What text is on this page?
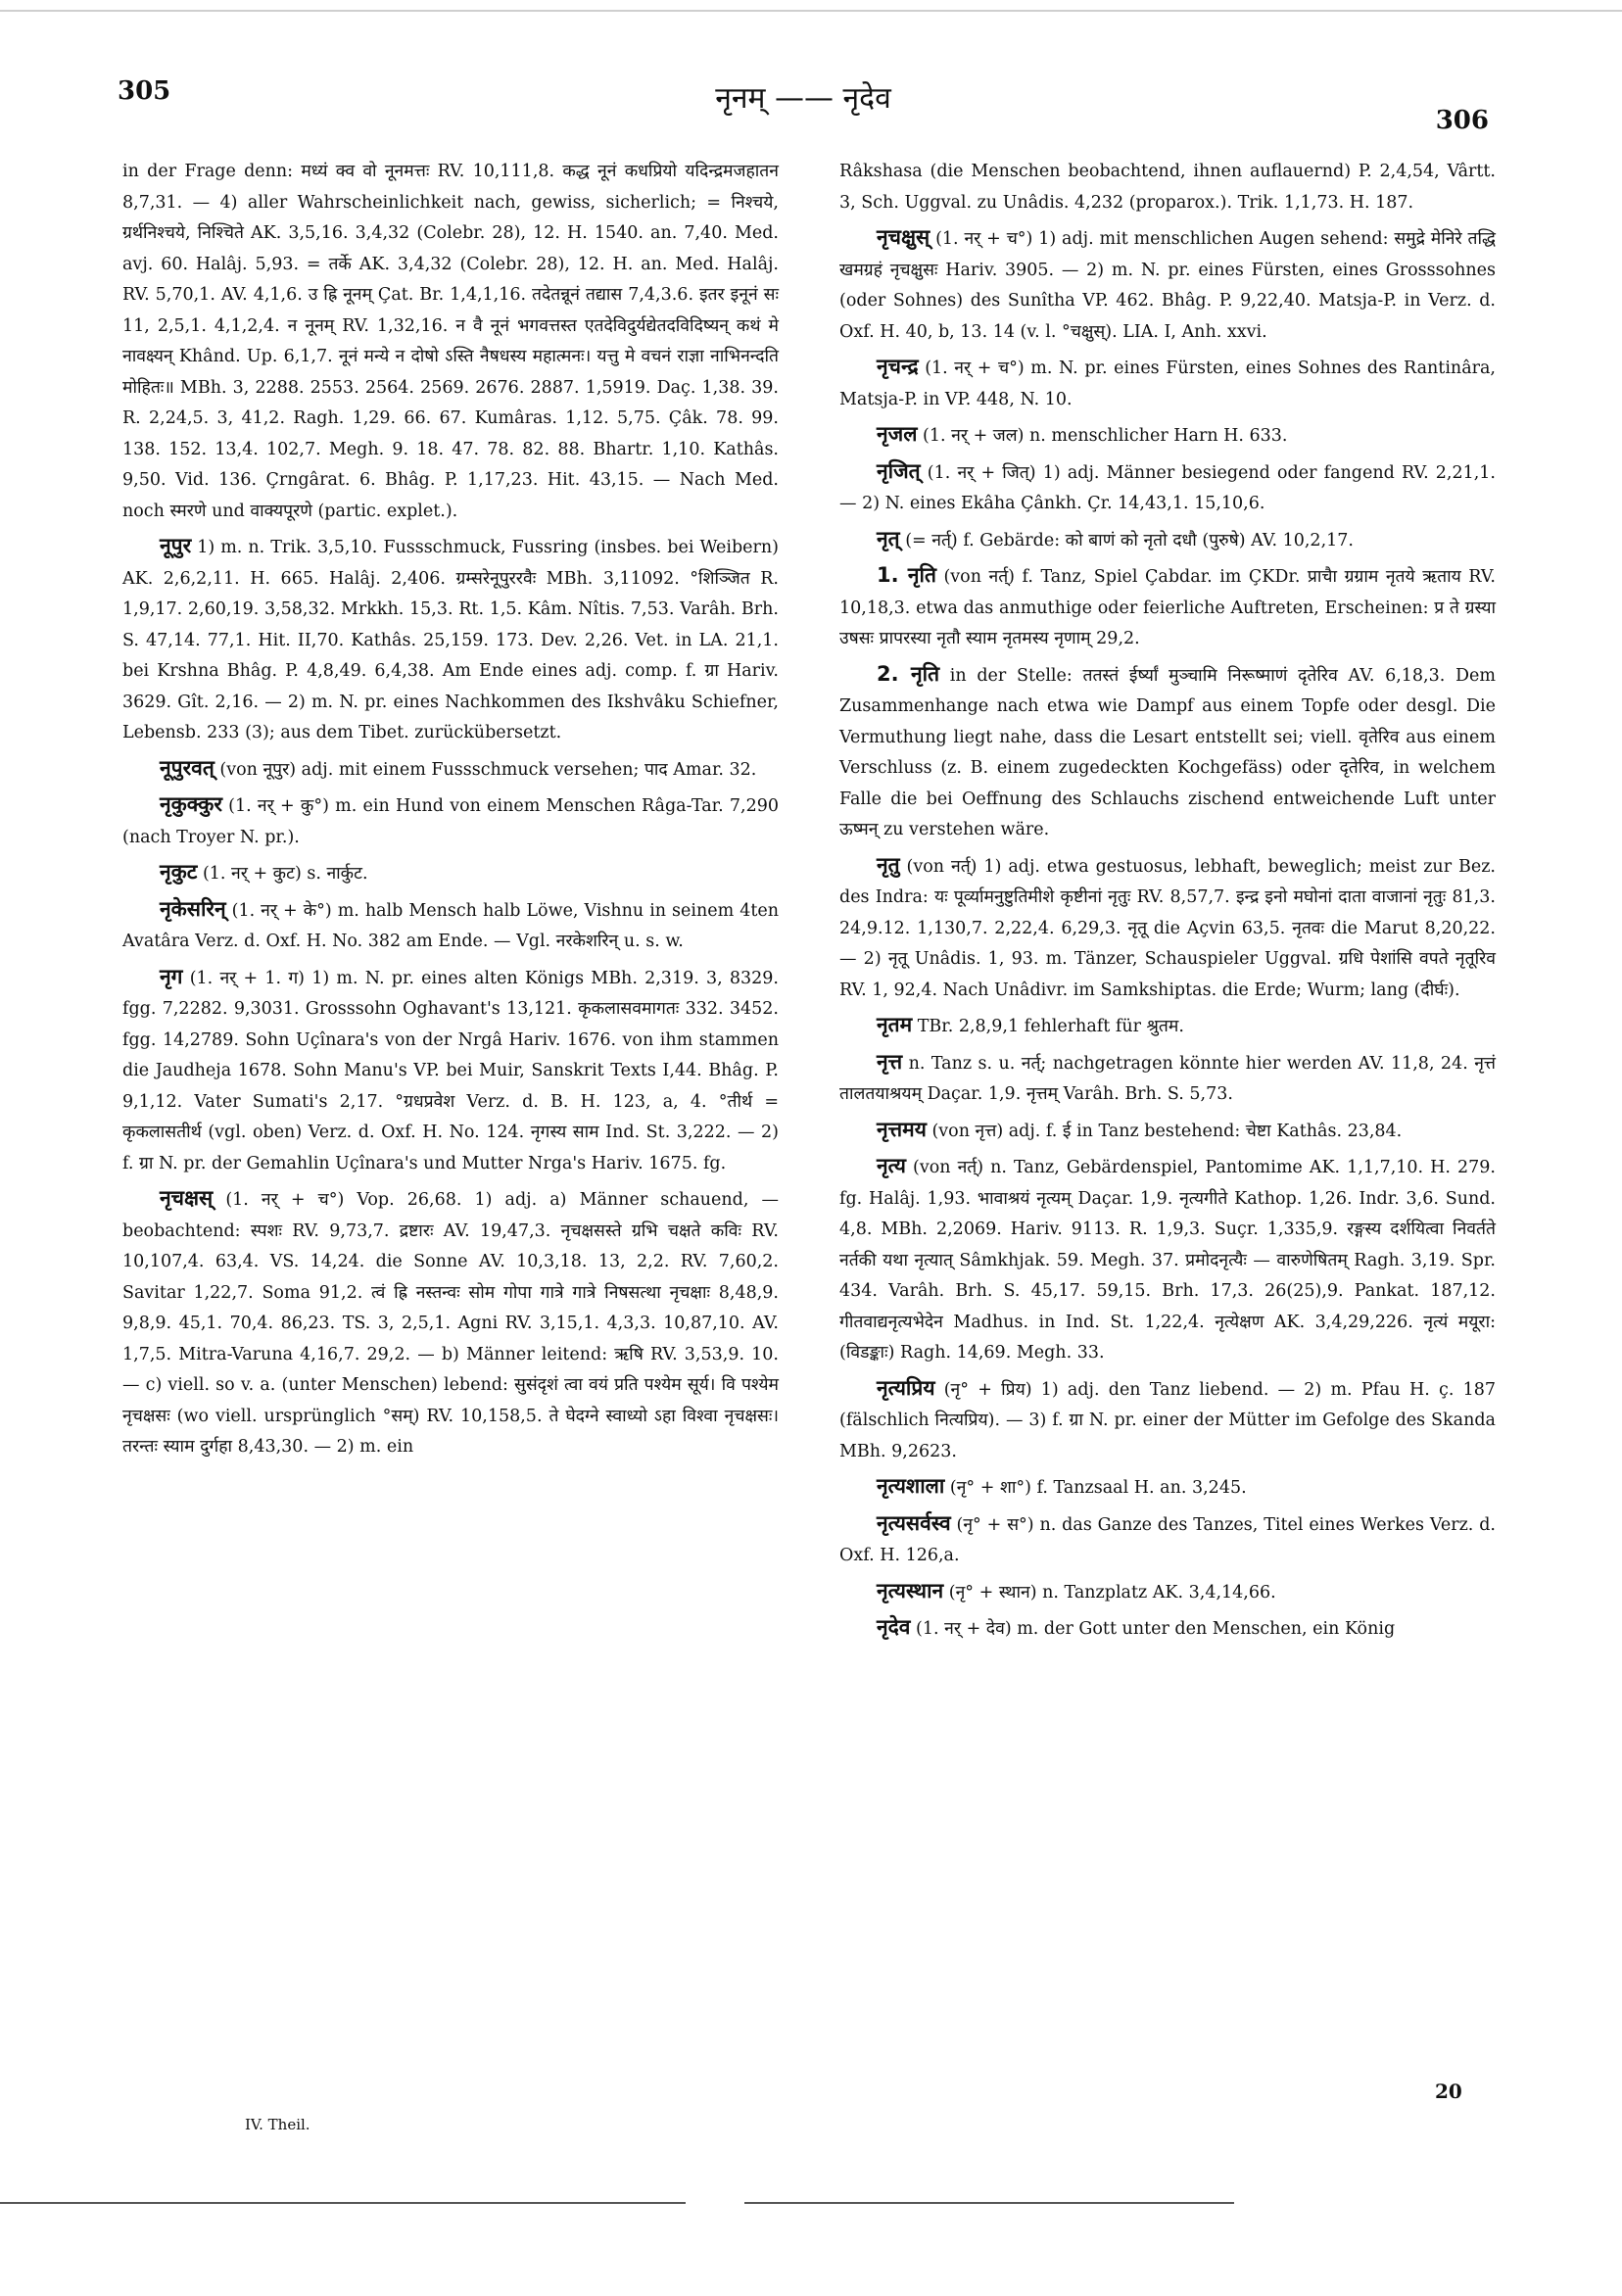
305	नृनम् —— नृदेव
306

in der Frage denn: मध्यं क्व वो नूनमत्तः RV. 10,111,8. कद्ध नूनं कधप्रियो यदिन्द्रमजहातन 8,7,31. — 4) aller Wahrscheinlichkeit nach, gewiss, sicherlich; = निश्चये, ग्रर्थनिश्चये, निश्चिते AK. 3,5,16. 3,4,32 (Colebr. 28), 12. H. 1540. an. 7,40. Med. avj. 60. Halâj. 5,93. = तर्के AK. 3,4,32 (Colebr. 28), 12. H. an. Med. Halâj. RV. 5,70,1. AV. 4,1,6. उ ह्रि नूनम् Çat. Br. 1,4,1,16. तदेतन्नूनं तद्यास 7,4,3.6. इतर इनूनं सः 11, 2,5,1. 4,1,2,4. न नूनम् RV. 1,32,16. न वै नूनं भगवत्तस्त एतदेविदुर्यद्येतदविदिष्यन् कथं मे नावक्ष्यन् Khând. Up. 6,1,7. नूनं मन्ये न दोषो ऽस्ति नैषधस्य महात्मनः। यत्तु मे वचनं राज्ञा नाभिनन्दति मोहितः॥ MBh. 3, 2288. 2553. 2564. 2569. 2676. 2887. 1,5919. Daç. 1,38. 39. R. 2,24,5. 3, 41,2. Ragh. 1,29. 66. 67. Kumâras. 1,12. 5,75. Çâk. 78. 99. 138. 152. 13,4. 102,7. Megh. 9. 18. 47. 78. 82. 88. Bhartr. 1,10. Kathâs. 9,50. Vid. 136. Çrngârat. 6. Bhâg. P. 1,17,23. Hit. 43,15. — Nach Med. noch स्मरणे und वाक्यपूरणे (partic. explet.).

नूपुर 1) m. n. Trik. 3,5,10. Fussschmuck, Fussring (insbes. bei Weibern) AK. 2,6,2,11. H. 665. Halâj. 2,406. ग्रम्सरेनूपुररवैः MBh. 3,11092. °शिञ्जित R. 1,9,17. 2,60,19. 3,58,32. Mrkkh. 15,3. Rt. 1,5. Kâm. Nîtis. 7,53. Varâh. Brh. S. 47,14. 77,1. Hit. II,70. Kathâs. 25,159. 173. Dev. 2,26. Vet. in LA. 21,1. bei Krshna Bhâg. P. 4,8,49. 6,4,38. Am Ende eines adj. comp. f. ग्रा Hariv. 3629. Gît. 2,16. — 2) m. N. pr. eines Nachkommen des Ikshvâku Schiefner, Lebensb. 233 (3); aus dem Tibet. zurückübersetzt.

नूपुरवत् (von नूपुर) adj. mit einem Fussschmuck versehen; पाद Amar. 32.

नृकुक्कुर (1. नर् + कु°) m. ein Hund von einem Menschen Râga-Tar. 7,290 (nach Troyer N. pr.).

नृकुट (1. नर् + कुट) s. नार्कुट.

नृकेसरिन् (1. नर् + के°) m. halb Mensch halb Löwe, Vishnu in seinem 4ten Avatâra Verz. d. Oxf. H. No. 382 am Ende. — Vgl. नरकेशरिन् u. s. w.

नृग (1. नर् + 1. ग) 1) m. N. pr. eines alten Königs MBh. 2,319. 3, 8329. fgg. 7,2282. 9,3031. Grosssohn Oghavant's 13,121. कृकलासवमागतः 332. 3452. fgg. 14,2789. Sohn Uçînara's von der Nrgâ Hariv. 1676. von ihm stammen die Jaudheja 1678. Sohn Manu's VP. bei Muir, Sanskrit Texts I,44. Bhâg. P. 9,1,12. Vater Sumati's 2,17. °ग्रधप्रवेश Verz. d. B. H. 123, a, 4. °तीर्थ = कृकलासतीर्थ (vgl. oben) Verz. d. Oxf. H. No. 124. नृगस्य साम Ind. St. 3,222. — 2) f. ग्रा N. pr. der Gemahlin Uçînara's und Mutter Nrga's Hariv. 1675. fg.

नृचक्षस् (1. नर् + च°) Vop. 26,68. 1) adj. a) Männer schauend, — beobachtend: स्पशः RV. 9,73,7. द्रष्टारः AV. 19,47,3. नृचक्षसस्ते ग्रभि चक्षते कविः RV. 10,107,4. 63,4. VS. 14,24. die Sonne AV. 10,3,18. 13, 2,2. RV. 7,60,2. Savitar 1,22,7. Soma 91,2. त्वं ह्रि नस्तन्वः सोम गोपा गात्रे गात्रे निषसत्था नृचक्षाः 8,48,9. 9,8,9. 45,1. 70,4. 86,23. TS. 3, 2,5,1. Agni RV. 3,15,1. 4,3,3. 10,87,10. AV. 1,7,5. Mitra-Varuna 4,16,7. 29,2. — b) Männer leitend: ऋषि RV. 3,53,9. 10. — c) viell. so v. a. (unter Menschen) lebend: सुसंदृशं त्वा वयं प्रति पश्येम सूर्य। वि पश्येम नृचक्षसः (wo viell. ursprünglich °सम्) RV. 10,158,5. ते घेदग्ने स्वाध्यो ऽहा विश्वा नृचक्षसः। तरन्तः स्याम दुर्गहा 8,43,30. — 2) m. ein

Râkshasa (die Menschen beobachtend, ihnen auflauernd) P. 2,4,54, Vârtt. 3, Sch. Uggval. zu Unâdis. 4,232 (proparox.). Trik. 1,1,73. H. 187.

नृचक्षुस् (1. नर् + च°) 1) adj. mit menschlichen Augen sehend: समुद्रे मेनिरे तद्धि खमग्रहं नृचक्षुसः Hariv. 3905. — 2) m. N. pr. eines Fürsten, eines Grosssohnes (oder Sohnes) des Sunîtha VP. 462. Bhâg. P. 9,22,40. Matsja-P. in Verz. d. Oxf. H. 40, b, 13. 14 (v. l. °चक्षुस्). LIA. I, Anh. xxvi.

नृचन्द्र (1. नर् + च°) m. N. pr. eines Fürsten, eines Sohnes des Rantinâra, Matsja-P. in VP. 448, N. 10.

नृजल (1. नर् + जल) n. menschlicher Harn H. 633.

नृजित् (1. नर् + जित्) 1) adj. Männer besiegend oder fangend RV. 2,21,1. — 2) N. eines Ekâha Çânkh. Çr. 14,43,1. 15,10,6.

नृत् (= नर्त्) f. Gebärde: को बाणं को नृतो दधौ (पुरुषे) AV. 10,2,17.

1. नृति (von नर्त्) f. Tanz, Spiel Çabdar. im ÇKDr. प्राचैा ग्रग्राम नृतये ऋताय RV. 10,18,3. etwa das anmuthige oder feierliche Auftreten, Erscheinen: प्र ते ग्रस्या उषसः प्रापरस्या नृतौ स्याम नृतमस्य नृणाम् 29,2.

2. नृति in der Stelle: ततस्तं ईर्ष्यां मुञ्चामि निरूष्माणं दृतेरिव AV. 6,18,3. Dem Zusammenhange nach etwa wie Dampf aus einem Topfe oder desgl. Die Vermuthung liegt nahe, dass die Lesart entstellt sei; viell. वृतेरिव aus einem Verschluss (z. B. einem zugedeckten Kochgefäss) oder दृतेरिव, in welchem Falle die bei Oeffnung des Schlauchs zischend entweichende Luft unter ऊष्मन् zu verstehen wäre.

नृतु (von नर्त्) 1) adj. etwa gestuosus, lebhaft, beweglich; meist zur Bez. des Indra: यः पूर्व्यामनुष्टुतिमीशे कृष्टीनां नृतुः RV. 8,57,7. इन्द्र इनो मघोनां दाता वाजानां नृतुः 81,3. 24,9.12. 1,130,7. 2,22,4. 6,29,3. नृतू die Açvin 63,5. नृतवः die Marut 8,20,22. — 2) नृतू Unâdis. 1, 93. m. Tänzer, Schauspieler Uggval. ग्रधि पेशांसि वपते नृतूरिव RV. 1, 92,4. Nach Unâdivr. im Samkshiptas. die Erde; Wurm; lang (दीर्घः).

नृतम TBr. 2,8,9,1 fehlerhaft für श्रुतम.

नृत्त n. Tanz s. u. नर्त्; nachgetragen könnte hier werden AV. 11,8, 24. नृत्तं तालतयाश्रयम् Daçar. 1,9. नृत्तम् Varâh. Brh. S. 5,73.

नृत्तमय (von नृत्त) adj. f. ई in Tanz bestehend: चेष्टा Kathâs. 23,84.

नृत्य (von नर्त्) n. Tanz, Gebärdenspiel, Pantomime AK. 1,1,7,10. H. 279. fg. Halâj. 1,93. भावाश्रयं नृत्यम् Daçar. 1,9. नृत्यगीते Kathop. 1,26. Indr. 3,6. Sund. 4,8. MBh. 2,2069. Hariv. 9113. R. 1,9,3. Suçr. 1,335,9. रङ्गस्य दर्शयित्वा निवर्तते नर्तकी यथा नृत्यात् Sâmkhjak. 59. Megh. 37. प्रमोदनृत्यैः — वारुणेषितम् Ragh. 3,19. Spr. 434. Varâh. Brh. S. 45,17. 59,15. Brh. 17,3. 26(25),9. Pankat. 187,12. गीतवाद्यनृत्यभेदेन Madhus. in Ind. St. 1,22,4. नृत्येक्षण AK. 3,4,29,226. नृत्यं मयूरा: (विडङ्काः) Ragh. 14,69. Megh. 33.

नृत्यप्रिय (नृ° + प्रिय) 1) adj. den Tanz liebend. — 2) m. Pfau H. ç. 187 (fälschlich नित्यप्रिय). — 3) f. ग्रा N. pr. einer der Mütter im Gefolge des Skanda MBh. 9,2623.

नृत्यशाला (नृ° + शा°) f. Tanzsaal H. an. 3,245.

नृत्यसर्वस्व (नृ° + स°) n. das Ganze des Tanzes, Titel eines Werkes Verz. d. Oxf. H. 126,a.

नृत्यस्थान (नृ° + स्थान) n. Tanzplatz AK. 3,4,14,66.

नृदेव (1. नर् + देव) m. der Gott unter den Menschen, ein König

IV. Theil.
20
